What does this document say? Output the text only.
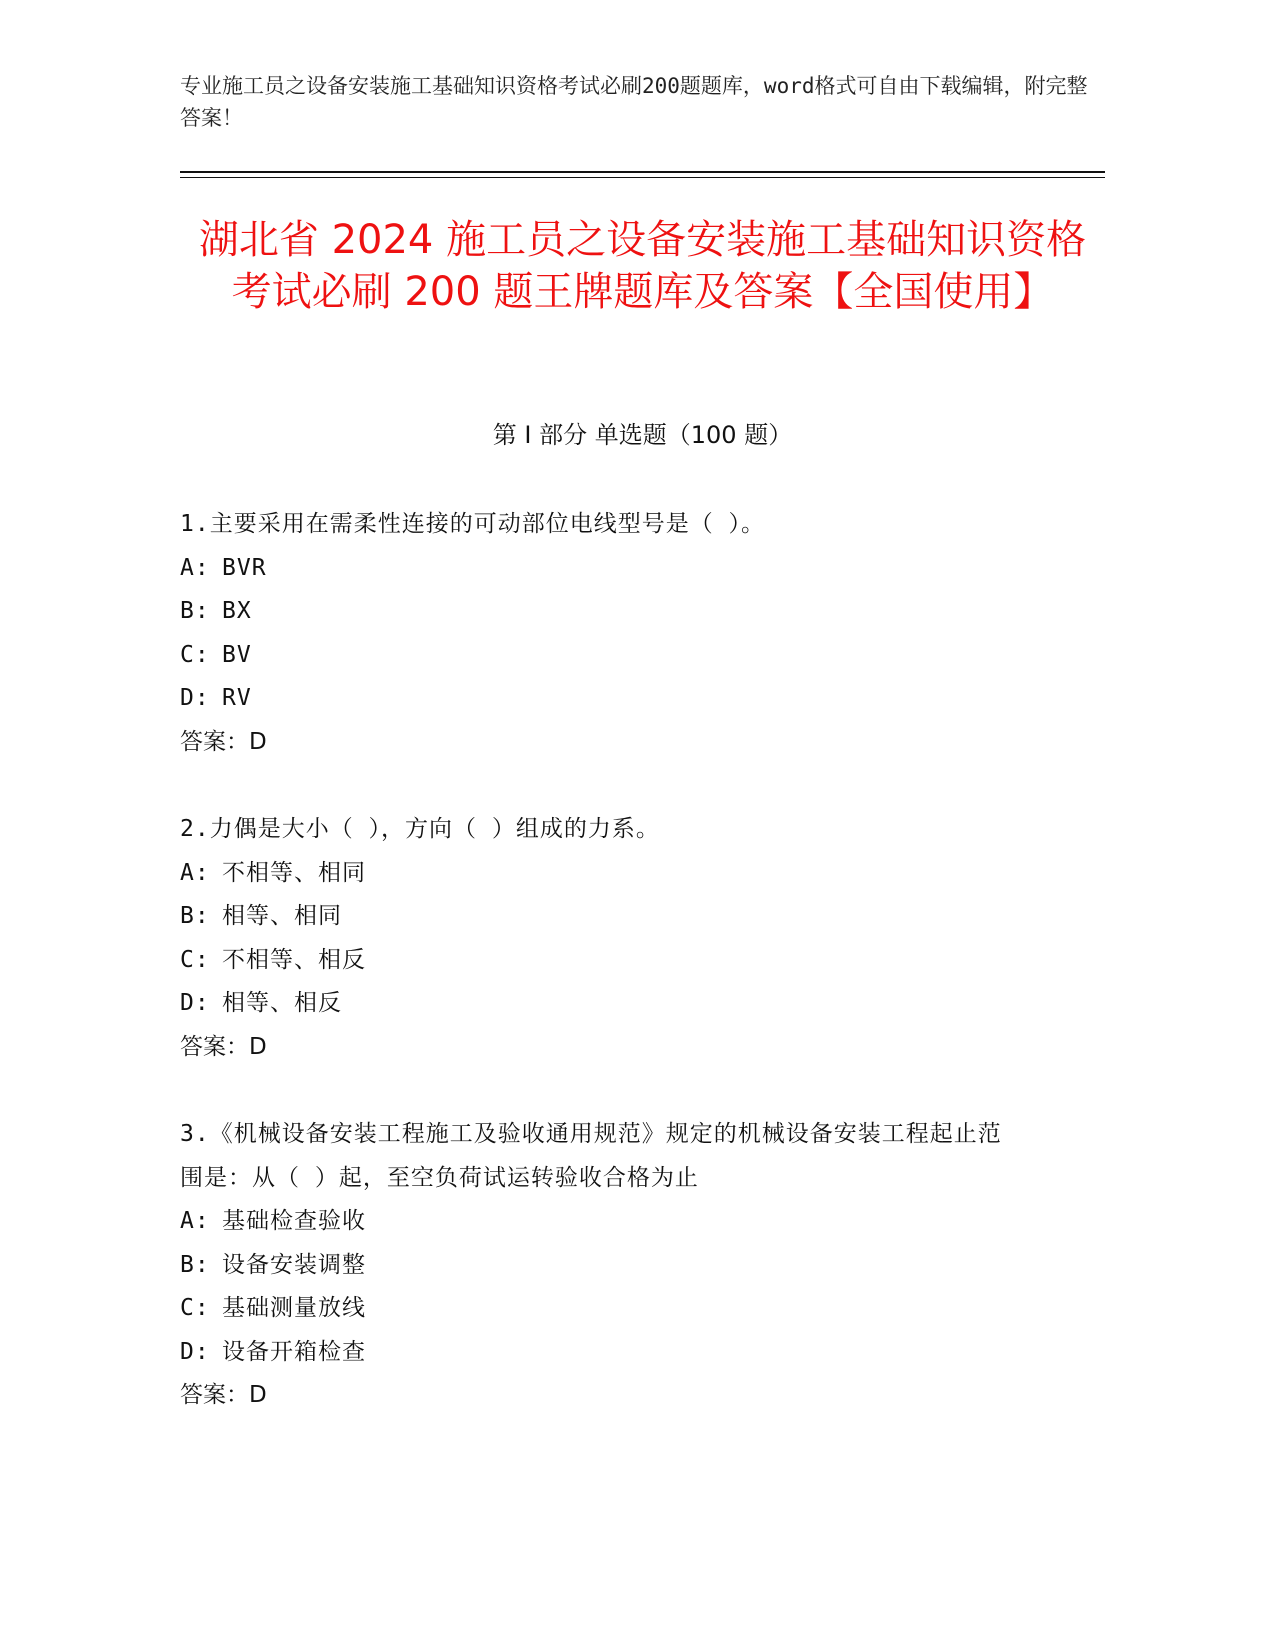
专业施工员之设备安装施工基础知识资格考试必刷200题题库，word格式可自由下载编辑，附完整答案！
湖北省 2024 施工员之设备安装施工基础知识资格考试必刷 200 题王牌题库及答案【全国使用】
第 I 部分 单选题（100 题）

1.主要采用在需柔性连接的可动部位电线型号是（ ）。

A: BVR

B: BX

C: BV

D: RV

答案：D

2.力偶是大小（ ），方向（ ）组成的力系。

A: 不相等、相同

B: 相等、相同

C: 不相等、相反

D: 相等、相反

答案：D

3.《机械设备安装工程施工及验收通用规范》规定的机械设备安装工程起止范围是：从（ ）起，至空负荷试运转验收合格为止

A: 基础检查验收

B: 设备安装调整

C: 基础测量放线

D: 设备开箱检查

答案：D
